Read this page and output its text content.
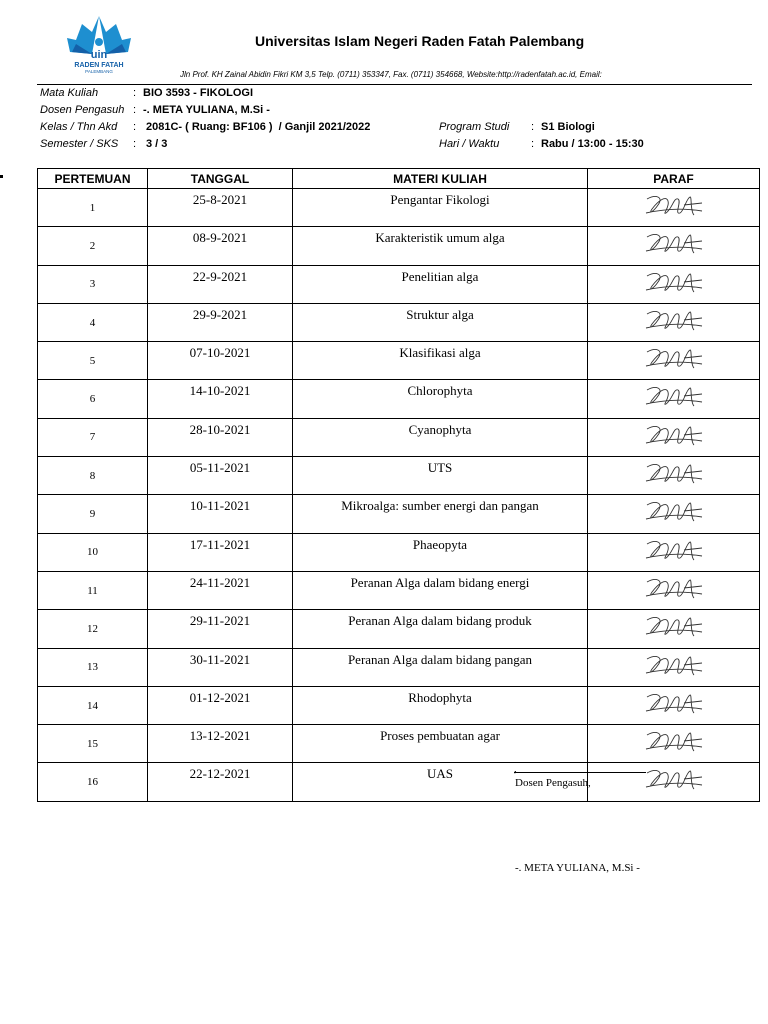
uin
RADEN FATAH
PALEMBANG
Universitas Islam Negeri Raden Fatah Palembang
Jln Prof. KH Zainal Abidin Fikri KM 3,5 Telp. (0711) 353347, Fax. (0711) 354668, Website:http://radenfatah.ac.id, Email:
Mata Kuliah	: BIO 3593 - FIKOLOGI
Dosen Pengasuh : -. META YULIANA, M.Si -
Kelas / Thn Akd : 2081C- ( Ruang: BF106 )  / Ganjil 2021/2022
Semester / SKS : 3 / 3
Program Studi : S1 Biologi
Hari / Waktu	: Rabu / 13:00 - 15:30
PERTEMUAN	TANGGAL	MATERI KULIAH	PARAF
1	25-8-2021	Pengantar Fikologi	

2	08-9-2021	Karakteristik umum alga	

3	22-9-2021	Penelitian alga	

4	29-9-2021	Struktur alga	

5	07-10-2021	Klasifikasi alga	

6	14-10-2021	Chlorophyta	

7	28-10-2021	Cyanophyta	

8	05-11-2021	UTS	

9	10-11-2021	Mikroalga: sumber energi dan pangan	

10	17-11-2021	Phaeopyta	

11	24-11-2021	Peranan Alga dalam bidang energi	

12	29-11-2021	Peranan Alga dalam bidang produk	

13	30-11-2021	Peranan Alga dalam bidang pangan	

14	01-12-2021	Rhodophyta	

15	13-12-2021	Proses pembuatan agar	

16	22-12-2021	UAS		,
Dosen Pengasuh,
-. META YULIANA, M.Si -
